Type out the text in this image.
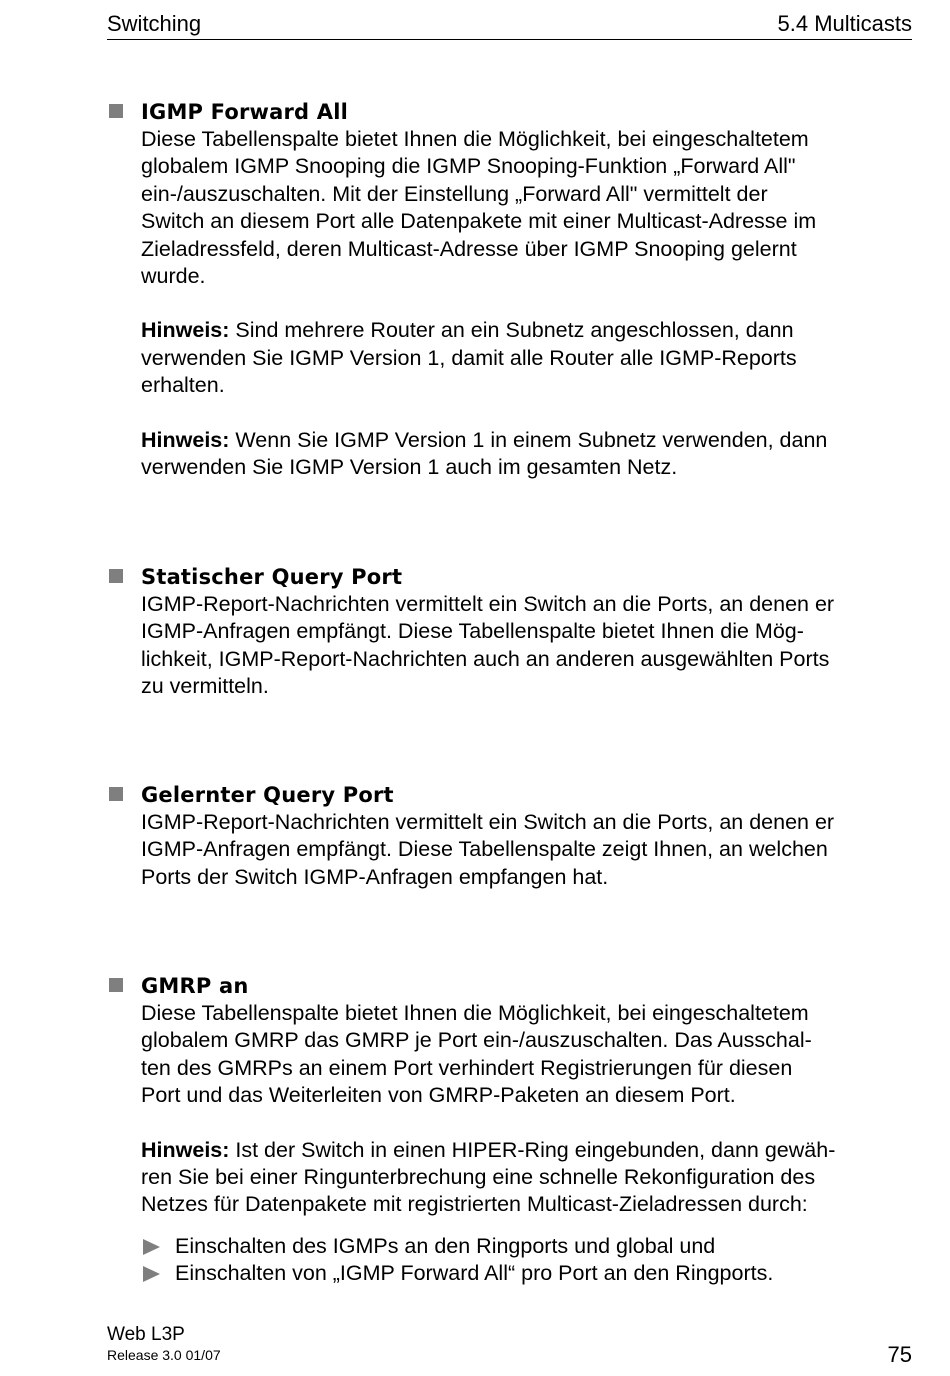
Switching	5.4 Multicasts
IGMP Forward All

Diese Tabellenspalte bietet Ihnen die Möglichkeit, bei eingeschaltetem
globalem IGMP Snooping die IGMP Snooping-Funktion „Forward All"
ein-/auszuschalten. Mit der Einstellung „Forward All" vermittelt der
Switch an diesem Port alle Datenpakete mit einer Multicast-Adresse im
Zieladressfeld, deren Multicast-Adresse über IGMP Snooping gelernt
wurde.

Hinweis: Sind mehrere Router an ein Subnetz angeschlossen, dann
verwenden Sie IGMP Version 1, damit alle Router alle IGMP-Reports
erhalten.

Hinweis: Wenn Sie IGMP Version 1 in einem Subnetz verwenden, dann
verwenden Sie IGMP Version 1 auch im gesamten Netz.

Statischer Query Port

IGMP-Report-Nachrichten vermittelt ein Switch an die Ports, an denen er
IGMP-Anfragen empfängt. Diese Tabellenspalte bietet Ihnen die Mög-
lichkeit, IGMP-Report-Nachrichten auch an anderen ausgewählten Ports
zu vermitteln.

Gelernter Query Port

IGMP-Report-Nachrichten vermittelt ein Switch an die Ports, an denen er
IGMP-Anfragen empfängt. Diese Tabellenspalte zeigt Ihnen, an welchen
Ports der Switch IGMP-Anfragen empfangen hat.

GMRP an

Diese Tabellenspalte bietet Ihnen die Möglichkeit, bei eingeschaltetem
globalem GMRP das GMRP je Port ein-/auszuschalten. Das Ausschal-
ten des GMRPs an einem Port verhindert Registrierungen für diesen
Port und das Weiterleiten von GMRP-Paketen an diesem Port.

Hinweis: Ist der Switch in einen HIPER-Ring eingebunden, dann gewäh-
ren Sie bei einer Ringunterbrechung eine schnelle Rekonfiguration des
Netzes für Datenpakete mit registrierten Multicast-Zieladressen durch:

Einschalten des IGMPs an den Ringports und global und
Einschalten von „IGMP Forward All“ pro Port an den Ringports.
Web L3P
Release 3.0 01/07	75
